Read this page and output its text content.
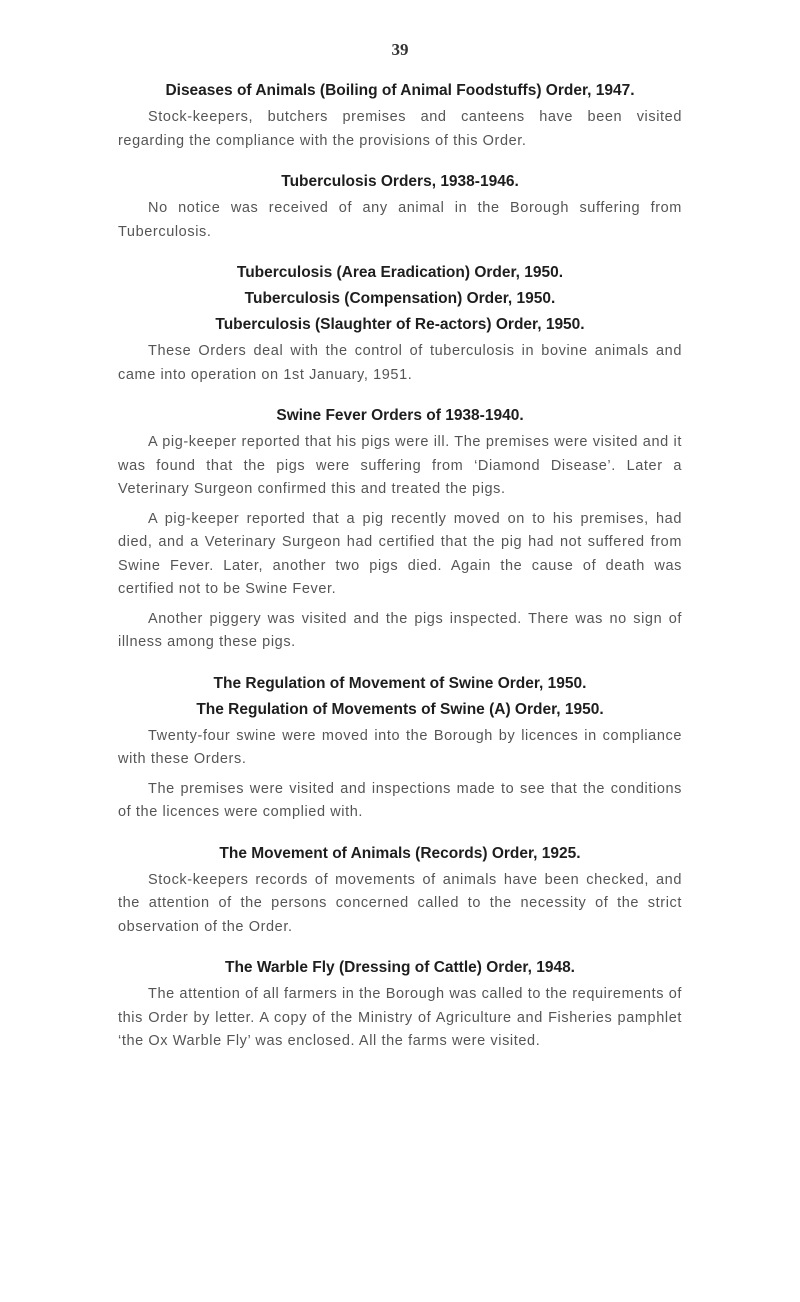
39
Diseases of Animals (Boiling of Animal Foodstuffs) Order, 1947.

Stock-keepers, butchers premises and canteens have been visited regarding the compliance with the provisions of this Order.

Tuberculosis Orders, 1938-1946.

No notice was received of any animal in the Borough suffering from Tuberculosis.

Tuberculosis (Area Eradication) Order, 1950.
Tuberculosis (Compensation) Order, 1950.
Tuberculosis (Slaughter of Re-actors) Order, 1950.

These Orders deal with the control of tuberculosis in bovine animals and came into operation on 1st January, 1951.

Swine Fever Orders of 1938-1940.

A pig-keeper reported that his pigs were ill. The premises were visited and it was found that the pigs were suffering from ‘Diamond Disease’. Later a Veterinary Surgeon confirmed this and treated the pigs.

A pig-keeper reported that a pig recently moved on to his premises, had died, and a Veterinary Surgeon had certified that the pig had not suffered from Swine Fever. Later, another two pigs died. Again the cause of death was certified not to be Swine Fever.

Another piggery was visited and the pigs inspected. There was no sign of illness among these pigs.

The Regulation of Movement of Swine Order, 1950.
The Regulation of Movements of Swine (A) Order, 1950.

Twenty-four swine were moved into the Borough by licences in compliance with these Orders.

The premises were visited and inspections made to see that the conditions of the licences were complied with.

The Movement of Animals (Records) Order, 1925.

Stock-keepers records of movements of animals have been checked, and the attention of the persons concerned called to the necessity of the strict observation of the Order.

The Warble Fly (Dressing of Cattle) Order, 1948.

The attention of all farmers in the Borough was called to the requirements of this Order by letter. A copy of the Ministry of Agriculture and Fisheries pamphlet ‘the Ox Warble Fly’ was enclosed. All the farms were visited.
